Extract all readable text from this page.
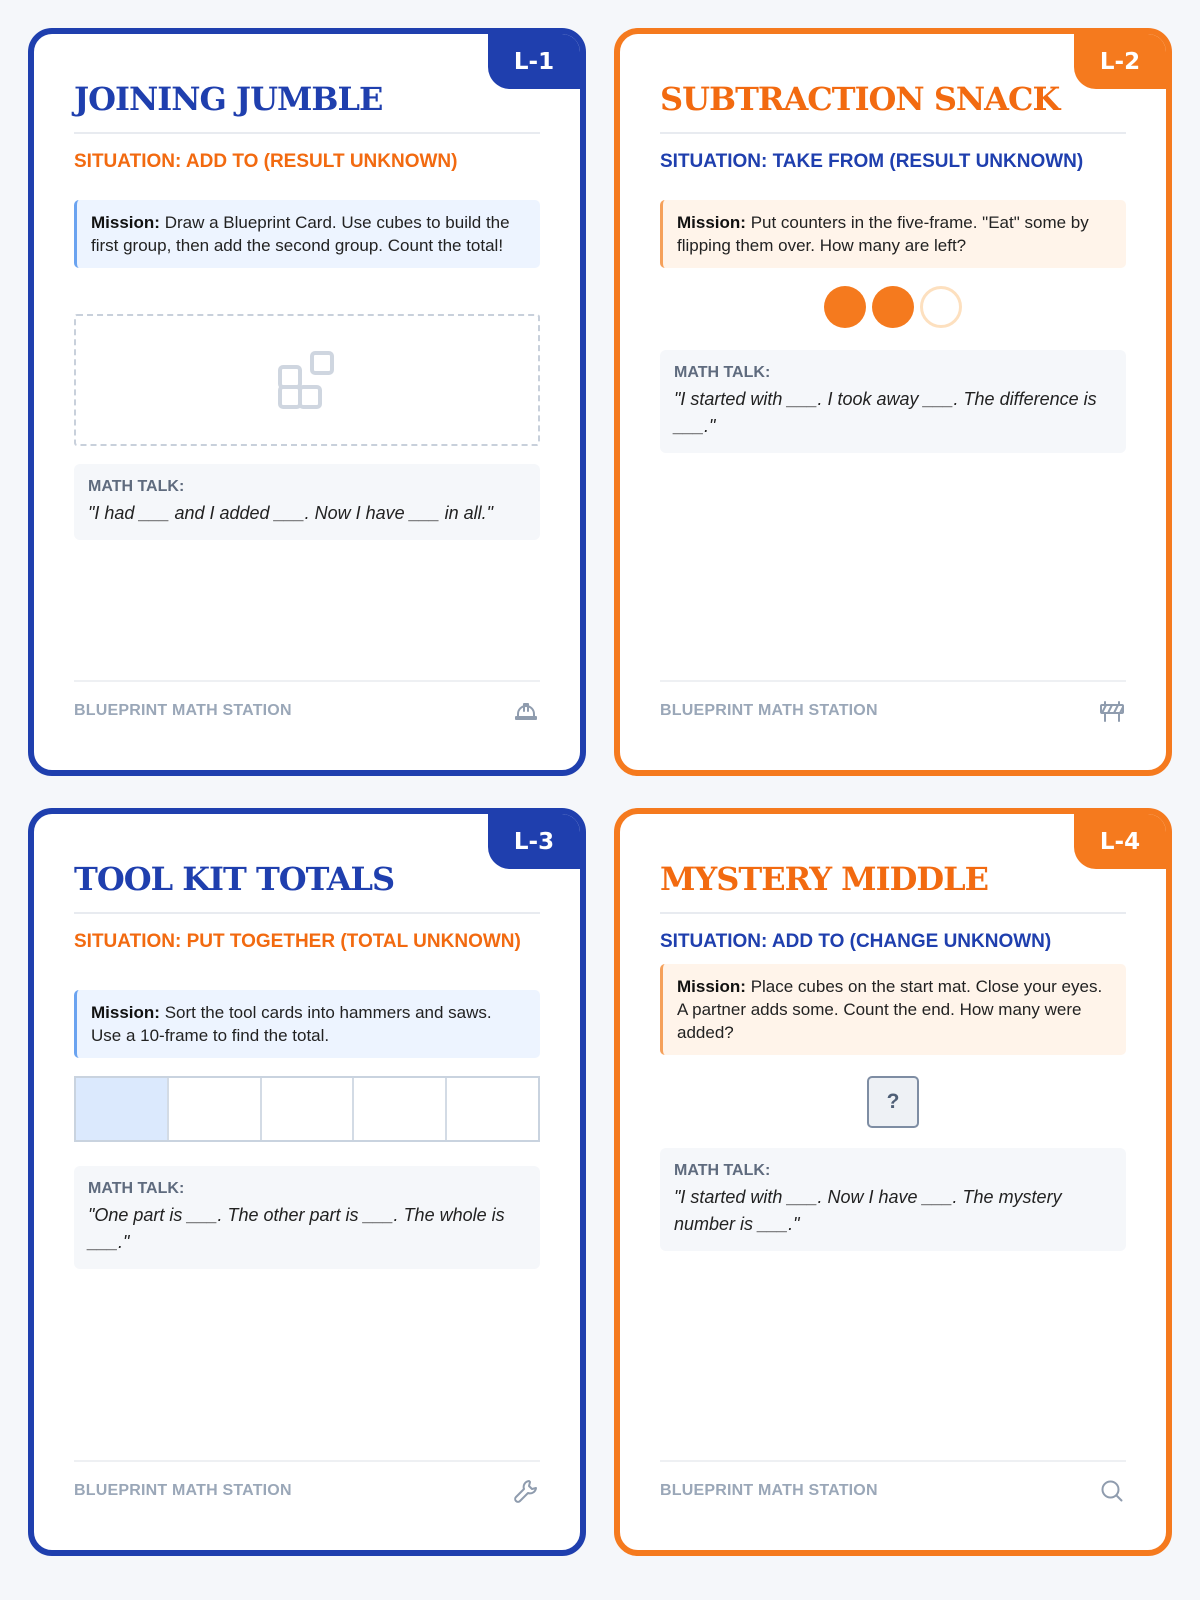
L-1
JOINING JUMBLE
SITUATION: ADD TO (RESULT UNKNOWN)
Mission: Draw a Blueprint Card. Use cubes to build the first group, then add the second group. Count the total!
MATH TALK:
"I had ___ and I added ___. Now I have ___ in all."
BLUEPRINT MATH STATION
L-2
SUBTRACTION SNACK
SITUATION: TAKE FROM (RESULT UNKNOWN)
Mission: Put counters in the five-frame. "Eat" some by flipping them over. How many are left?
MATH TALK:
"I started with ___. I took away ___. The difference is ___."
BLUEPRINT MATH STATION
L-3
TOOL KIT TOTALS
SITUATION: PUT TOGETHER (TOTAL UNKNOWN)
Mission: Sort the tool cards into hammers and saws. Use a 10-frame to find the total.
MATH TALK:
"One part is ___. The other part is ___. The whole is ___."
BLUEPRINT MATH STATION
L-4
MYSTERY MIDDLE
SITUATION: ADD TO (CHANGE UNKNOWN)
Mission: Place cubes on the start mat. Close your eyes. A partner adds some. Count the end. How many were added?
?
MATH TALK:
"I started with ___. Now I have ___. The mystery number is ___."
BLUEPRINT MATH STATION
